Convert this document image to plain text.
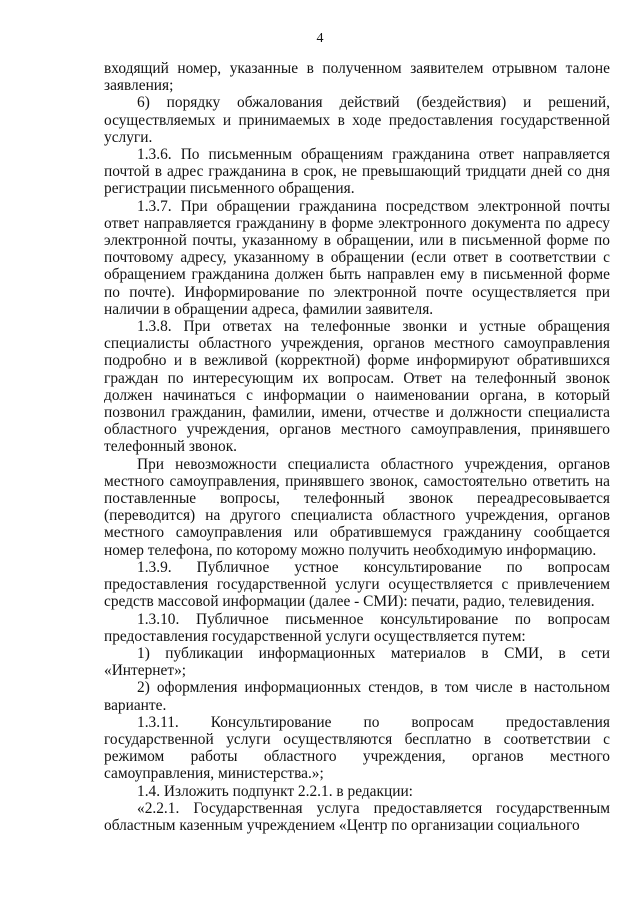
4

входящий номер, указанные в полученном заявителем отрывном талоне заявления;

6) порядку обжалования действий (бездействия) и решений, осуществляемых и принимаемых в ходе предоставления государственной услуги.

1.3.6. По письменным обращениям гражданина ответ направляется почтой в адрес гражданина в срок, не превышающий тридцати дней со дня регистрации письменного обращения.

1.3.7. При обращении гражданина посредством электронной почты ответ направляется гражданину в форме электронного документа по адресу электронной почты, указанному в обращении, или в письменной форме по почтовому адресу, указанному в обращении (если ответ в соответствии с обращением гражданина должен быть направлен ему в письменной форме по почте). Информирование по электронной почте осуществляется при наличии в обращении адреса, фамилии заявителя.

1.3.8. При ответах на телефонные звонки и устные обращения специалисты областного учреждения, органов местного самоуправления подробно и в вежливой (корректной) форме информируют обратившихся граждан по интересующим их вопросам. Ответ на телефонный звонок должен начинаться с информации о наименовании органа, в который позвонил гражданин, фамилии, имени, отчестве и должности специалиста областного учреждения, органов местного самоуправления, принявшего телефонный звонок.

При невозможности специалиста областного учреждения, органов местного самоуправления, принявшего звонок, самостоятельно ответить на поставленные вопросы, телефонный звонок переадресовывается (переводится) на другого специалиста областного учреждения, органов местного самоуправления или обратившемуся гражданину сообщается номер телефона, по которому можно получить необходимую информацию.

1.3.9. Публичное устное консультирование по вопросам предоставления государственной услуги осуществляется с привлечением средств массовой информации (далее - СМИ): печати, радио, телевидения.

1.3.10. Публичное письменное консультирование по вопросам предоставления государственной услуги осуществляется путем:

1) публикации информационных материалов в СМИ, в сети «Интернет»;

2) оформления информационных стендов, в том числе в настольном варианте.

1.3.11. Консультирование по вопросам предоставления государственной услуги осуществляются бесплатно в соответствии с режимом работы областного учреждения, органов местного самоуправления, министерства.»;

1.4. Изложить подпункт 2.2.1. в редакции:

«2.2.1. Государственная услуга предоставляется государственным областным казенным учреждением «Центр по организации социального
